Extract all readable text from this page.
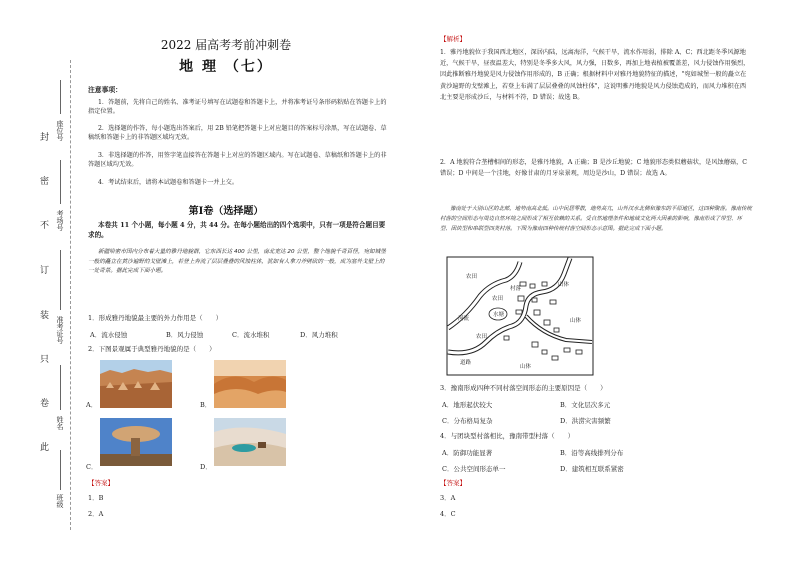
此
卷
只
装
订
不
密
封 座位号
考场号
准考证号
姓名
班级
2022 届高考考前冲刺卷
地 理 （七）
注意事项：
1．答题前，先将自己的姓名、准考证号填写在试题卷和答题卡上，并将准考证号条形码粘贴在答题卡上的指定位置。
2．选择题的作答，每小题选出答案后，用 2B 铅笔把答题卡上对应题目的答案标号涂黑，写在试题卷、草稿纸和答题卡上的非答题区域均无效。
3．非选择题的作答，用签字笔直接答在答题卡上对应的答题区域内。写在试题卷、草稿纸和答题卡上的非答题区域均无效。
4．考试结束后，请将本试题卷和答题卡一并上交。
第Ⅰ卷（选择题）
本卷共 11 个小题，每小题 4 分，共 44 分。在每小题给出的四个选项中，只有一项是符合题目要求的。
新疆哈密市国内分布着大量的雅丹地貌群，它东西长达 400 公里，南北宽达 20 公里，整个地貌千奇百怪，宛如城堡一般的矗立在黄沙遍野的戈壁滩上，若登上奔流了层层叠叠的风蚀柱体，犹如有人拿刀斧劈砍的一般，成为塞外戈壁上的一处奇景。据此完成下面小题。
1．形成雅丹地貌最主要的外力作用是（　　）
A．流水侵蚀	B．风力侵蚀	C．流水堆积	D．风力堆积
2．下图景观属于典型雅丹地貌的是（　　）
A．	B．
C．	D．
【答案】
1．B
2．A
【解析】
1．雅丹地貌位于我国西北地区，深居内陆，远离海洋，气候干旱，流水作用弱，排除 A、C；西北距冬季风源地近，气候干旱，昼夜温差大，特别是冬季多大风，风力强，日数多，再加上地表植被覆盖差，风力侵蚀作用强烈，因此推断雅丹地貌是风力侵蚀作用形成的，B 正确；根据材料中对雅丹地貌特征的描述，"宛如城堡一般的矗立在黄沙遍野的戈壁滩上，若登上布满了层层叠叠的风蚀柱体"，这说明雅丹地貌是风力侵蚀造成的，而风力堆积在西北主要是形成沙丘，与材料不符，D 错误；故选 B。
2．A 地貌符合垄槽相间的形态，是雅丹地貌，A 正确；B 是沙丘地貌；C 地貌形态类似蘑菇状，是风蚀蘑菇，C 错误；D 中间是一个洼地，好像甘肃的月牙泉景观，周边是沙山，D 错误；故选 A。
豫南处于大别山区的北部，地势南高北低。山中民居零散，地势高亢，山外汉水北侧和豫东的平原地区，这四种聚落。豫南传统村落的空间形态与周边自然环境之间形成了相互依赖的关系。受自然地理条件和地域文化两大因素的影响，豫南形成了带型、环型、团块型和串联型四类村落。下图为豫南四种传统村落空间形态示意图。据此完成下面小题。
农田
农田
农田
村落
山体
山体
山体
河流
水塘
道路
3．豫南形成四种不同村落空间形态的主要原因是（　　）
A．地形起伏较大	B．文化层次多元
C．分布格局复杂	D．洪涝灾害频繁
4．与团块型村落相比，豫南带型村落（　　）
A．防御功能显著	B．沿等高线排列分布
C．公共空间形态单一	D．建筑相互联系紧密
【答案】
3．A
4．C
